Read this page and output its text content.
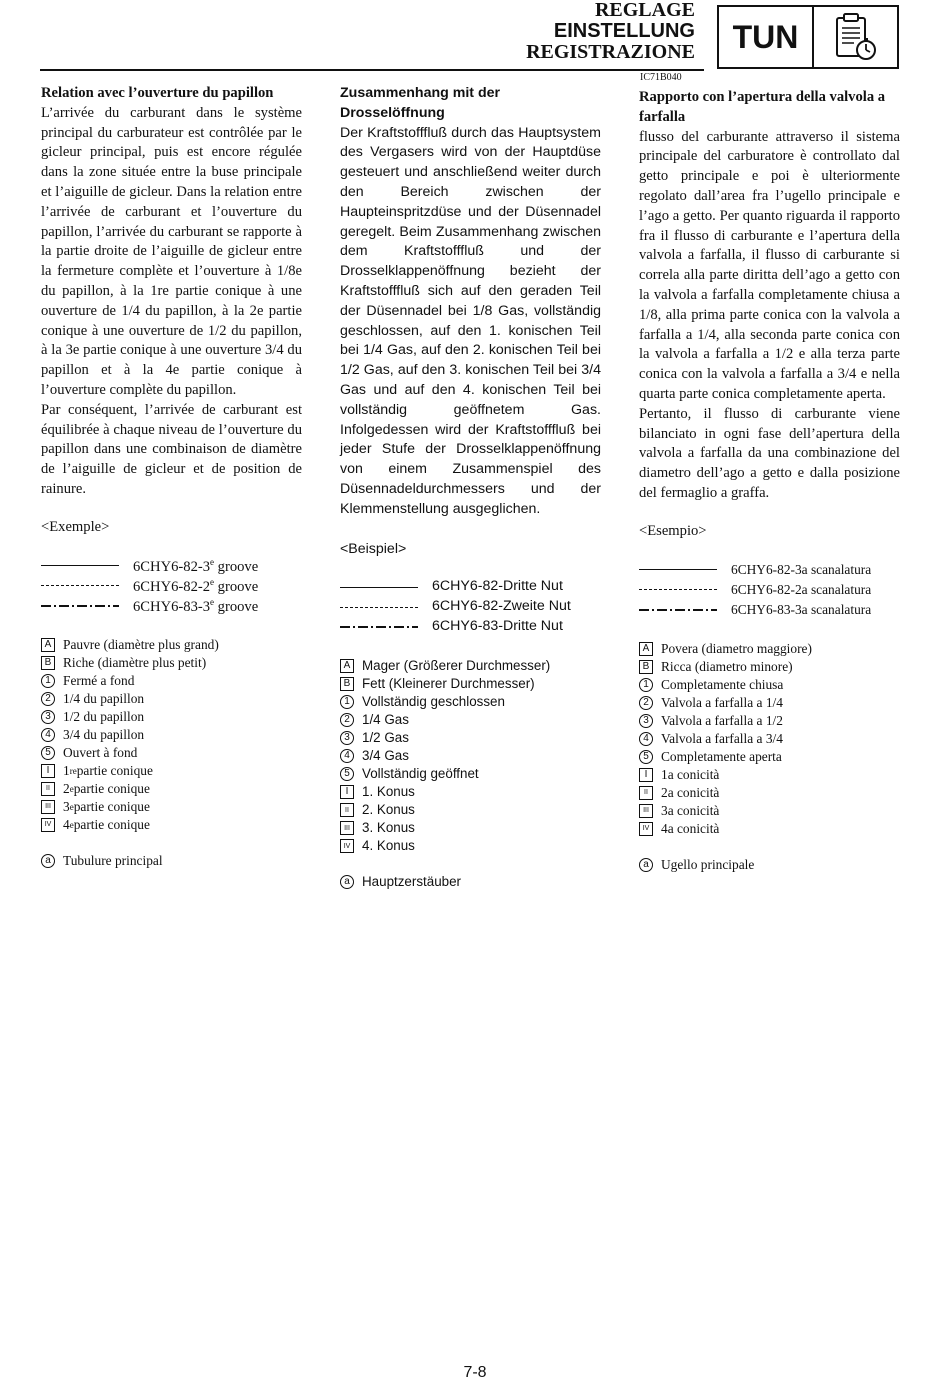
REGLAGE
EINSTELLUNG
REGISTRAZIONE	TUN
IC71B040
Relation avec l’ouverture du papillon

L’arrivée du carburant dans le système principal du carburateur est contrôlée par le gicleur principal, puis est encore régulée dans la zone située entre la buse principale et l’aiguille de gicleur. Dans la relation entre l’arrivée de carburant et l’ouverture du papillon, l’arrivée du carburant se rapporte à la partie droite de l’aiguille de gicleur entre la fermeture complète et l’ouverture à 1/8e du papillon, à la 1re partie conique à une ouverture de 1/4 du papillon, à la 2e partie conique à une ouverture de 1/2 du papillon, à la 3e partie conique à une ouverture 3/4 du papillon et à la 4e partie conique à l’ouverture complète du papillon.

Par conséquent, l’arrivée de carburant est équilibrée à chaque niveau de l’ouverture du papillon dans une combinaison de diamètre de l’aiguille de gicleur et de position de rainure.

<Exemple>
$6CHY6-82-3^e$ groove
6CHY6-82-2e groove
6CHY6-83-3e groove
A Pauvre (diamètre plus grand)
B Riche (diamètre plus petit)
1 Fermé a fond
2 1/4 du papillon
3 1/2 du papillon
4 3/4 du papillon
5 Ouvert à fond
I	1 re partie conique
II 2 e partie conique
III 3 e partie conique
IV 4 e partie conique
a Tubulure principal
Zusammenhang mit der Drosselöffnung

Der Kraftstofffluß durch das Hauptsystem des Vergasers wird von der Hauptdüse gesteuert und anschließend weiter durch den Bereich zwischen der Haupteinspritzdüse und der Düsennadel geregelt. Beim Zusammenhang zwischen dem Kraftstofffluß und der Drosselklappenöffnung bezieht der Kraftstofffluß sich auf den geraden Teil der Düsennadel bei 1/8 Gas, vollständig geschlossen, auf den 1. konischen Teil bei 1/4 Gas, auf den 2. konischen Teil bei 1/2 Gas, auf den 3. konischen Teil bei 3/4 Gas und auf den 4. konischen Teil bei vollständig geöffnetem Gas. Infolgedessen wird der Kraftstofffluß bei jeder Stufe der Drosselklappenöffnung von einem Zusammenspiel des Düsennadeldurchmessers und der Klemmenstellung ausgeglichen.

<Beispiel>
6CHY6-82-Dritte Nut
6CHY6-82-Zweite Nut
6CHY6-83-Dritte Nut
A Mager (Größerer Durchmesser)
B Fett (Kleinerer Durchmesser)
1 Vollständig geschlossen
2 1/4 Gas
3 1/2 Gas
4 3/4 Gas
5 Vollständig geöffnet
I	1. Konus
II 2. Konus
III 3. Konus
IV 4. Konus
a Hauptzerstäuber
Rapporto con l’apertura della valvola a farfalla

flusso del carburante attraverso il sistema principale del carburatore è controllato dal getto principale e poi è ulteriormente regolato dall’area fra l’ugello principale e l’ago a getto. Per quanto riguarda il rapporto fra il flusso di carburante e l’apertura della valvola a farfalla, il flusso di carburante si correla alla parte diritta dell’ago a getto con la valvola a farfalla completamente chiusa a 1/8, alla prima parte conica con la valvola a farfalla a 1/4, alla seconda parte conica con la valvola a farfalla a 1/2 e alla terza parte conica con la valvola a farfalla a 3/4 e nella quarta parte conica completamente aperta.

Pertanto, il flusso di carburante viene bilanciato in ogni fase dell’apertura della valvola a farfalla da una combinazione del diametro dell’ago a getto e dalla posizione del fermaglio a graffa.

<Esempio>
6CHY6-82-3a scanalatura
6CHY6-82-2a scanalatura
6CHY6-83-3a scanalatura
A Povera (diametro maggiore)
B Ricca (diametro minore)
1 Completamente chiusa
2 Valvola a farfalla a 1/4
3 Valvola a farfalla a 1/2
4 Valvola a farfalla a 3/4
5 Completamente aperta
I	1a conicità
II 2a conicità
III 3a conicità
IV 4a conicità
a Ugello principale
7-8
